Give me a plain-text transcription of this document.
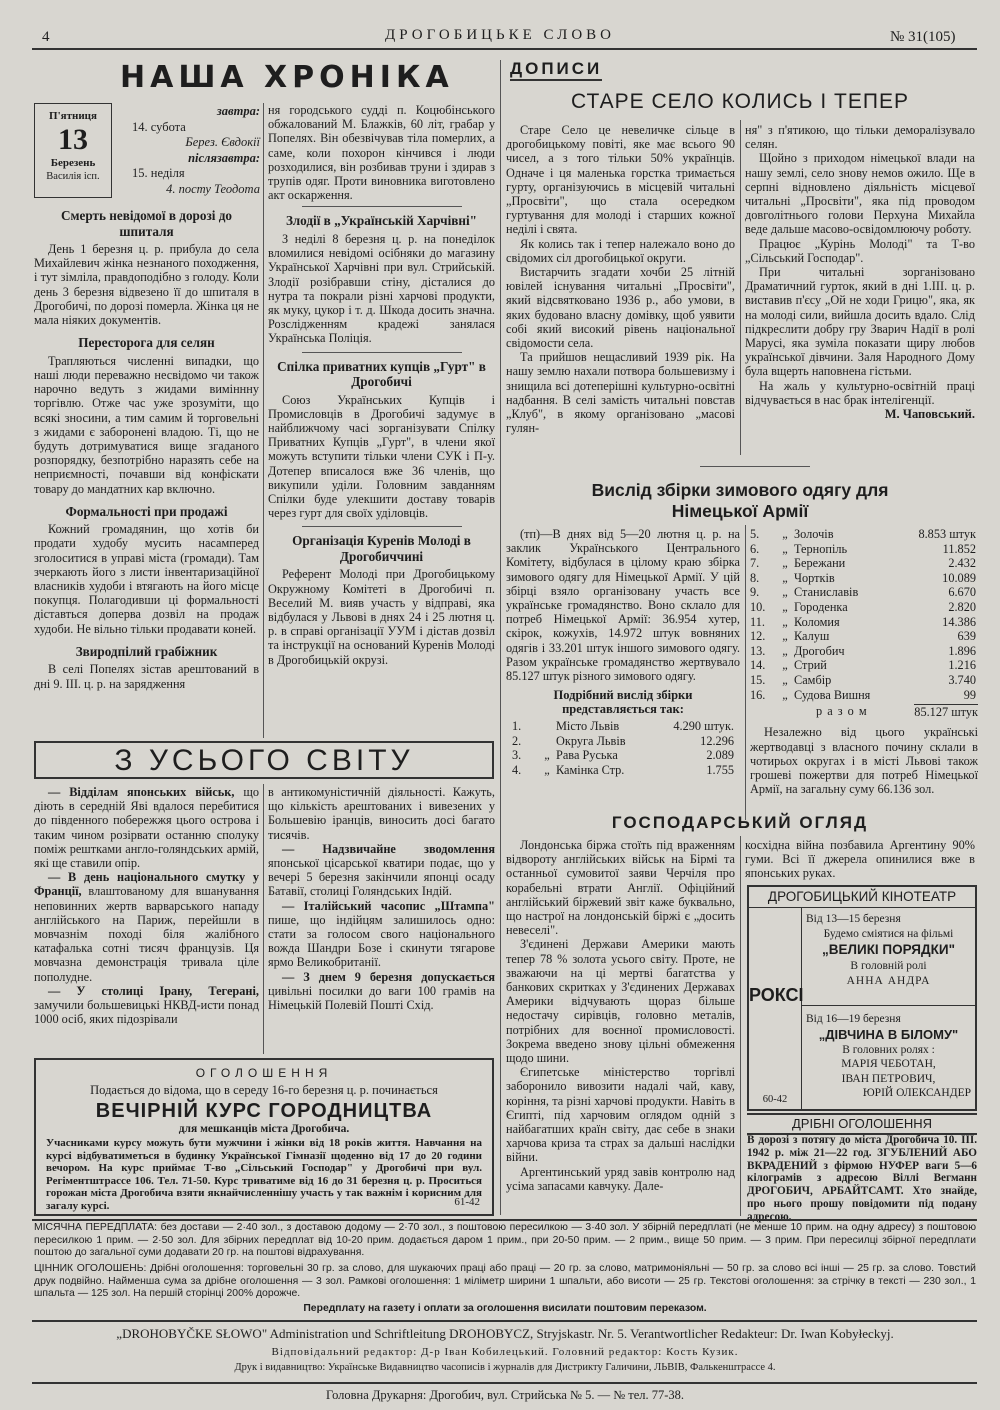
4	ДРОГОБИЦЬКЕ СЛОВО	№ 31(105)
НАША ХРОНІКА
П'ятниця
13
Березень
Василія ісп.
завтра:
14. субота
Берез. Євдокії
післязавтра:
15. неділя
4. посту Теодота
Смерть невідомої в дорозі до шпиталя

День 1 березня ц. р. прибула до села Михайлевич жінка незнаного походження, і тут зімліла, правдоподібно з голоду. Коли день 3 березня відвезено її до шпиталя в Дрогобичі, по дорозі померла. Жінка ця не мала ніяких документів.

Пересторога для селян

Трапляються численні випадки, що наші люди переважно несвідомо чи також нарочно ведуть з жидами виміннну торгівлю. Отже час уже зрозуміти, що всякі зносини, а тим самим й торговельні з жидами є заборонені владою. Ті, що не будуть дотримуватися вище згаданого розпорядку, безпотрібно наразять себе на неприємності, почавши від конфіскати товару до мандатних кар включно.

Формальності при продажі

Кожний громадянин, що хотів би продати худобу мусить насамперед зголоситися в управі міста (громади). Там зчеркають його з листи інвентаризаційної власників худоби і втягають на його місце покупця. Полагодивши ці формальності діставться доперва дозвіл на продаж худоби. Не вільно тільки продавати коней.

Звиродпілий грабіжник

В селі Попелях зістав арештований в дні 9. III. ц. р. на зарядження

ня городського судді п. Коцюбінського обжалований М. Блажків, 60 літ, грабар у Попелях. Він обезвічував тіла померлих, а саме, коли похорон кінчився і люди розходилися, він розбивав труни і здирав з трупів одяг. Проти виновника виготовлено акт оскарження.

Злодії в „Українській Харчівні"

З неділі 8 березня ц. р. на понеділок вломилися невідомі осібняки до магазину Української Харчівні при вул. Стрийській. Злодії розібравши стіну, дісталися до нутра та покрали різні харчові продукти, як муку, цукор і т. д. Шкода досить значна. Розслідженням крадежі занялася Українська Поліція.

Спілка приватних купців „Гурт" в Дрогобичі

Союз Українських Купців і Промисловців в Дрогобичі задумує в найближчому часі зорганізувати Спілку Приватних Купців „Гурт", в члени якої можуть вступити тільки члени СУК і П-у. Дотепер вписалося вже 36 членів, що викупили уділи. Головним завданням Спілки буде улекшити доставу товарів через гурт для своїх уділовців.

Організація Куренів Молоді в Дрогобиччині

Референт Молоді при Дрогобицькому Окружному Комітеті в Дрогобичі п. Веселий М. вияв участь у відправі, яка відбулася у Львові в днях 24 і 25 лютня ц. р. в справі організації УУМ і дістав дозвіл та інструкції на оснований Куренів Молоді в Дрогобицькій окрузі.

З УСЬОГО СВІТУ

— Відділам японських військ, що діють в середній Яві вдалося перебитися до південного побережжя цього острова і таким чином розірвати останню сполуку поміж рештками англо-голяндських армій, які ще ставили опір.

— В день національного смутку у Франції, влаштованому для вшанування неповинних жертв варварського нападу англійського на Париж, перейшли в мовчазнім поході біля жалібного катафалька сотні тисяч французів. Ця мовчазна демонстрація тривала ціле пополудне.

— У столиці Ірану, Тегерані, замучили большевицькі НКВД-исти понад 1000 осіб, яких підозрівали

в антикомуністичній діяльності. Кажуть, що кількість арештованих і вивезених у Большевію іранців, виносить досі багато тисячів.

— Надзвичайне зводомлення японської цісарської кватири подає, що у вечері 5 березня закінчили японці осаду Батавії, столиці Голяндських Індій.

— Італійський часопис „Штампа" пише, що індійцям залишилось одно: стати за голосом свого національного вожда Шандри Бозе і скинути тягарове ярмо Великобританії.

— З днем 9 березня допускається цивільні посилки до ваги 100 грамів на Німецькій Полевій Пошті Схід.

ОГОЛОШЕННЯ
Подається до відома, що в середу 16-го березня ц. р. починається
ВЕЧІРНІЙ КУРС ГОРОДНИЦТВА
для мешканців міста Дрогобича.
Учасниками курсу можуть бути мужчини і жінки від 18 років життя. Навчання на курсі відбуватиметься в будинку Української Гімназії щоденно від 17 до 20 години вечором. На курс приймає Т-во „Сільський Господар" у Дрогобичі при вул. Регіментштрассе 106. Тел. 71-50. Курс триватиме від 16 до 31 березня ц. р. Проситься горожан міста Дрогобича взяти якнайчисленнішу участь у так важнім і корисним для загалу курсі.	61-42
ДОПИСИ
СТАРЕ СЕЛО КОЛИСЬ І ТЕПЕР

Старе Село це невеличке сільце в дрогобицькому повіті, яке має всього 90 чисел, а з того тільки 50% українців. Одначе і ця маленька горстка тримається гурту, організуючись в місцевій читальні „Просвіти", що стала осередком гуртування для молоді і старших кожної неділі і свята.

Як колись так і тепер належало воно до свідомих сіл дрогобицької округи.

Вистарчить згадати хочби 25 літній ювілей існування читальні „Просвіти", який відсвятковано 1936 р., або умови, в яких будовано власну домівку, щоб уявити собі який високий рівень національної свідомости села.

Та прийшов нещасливий 1939 рік. На нашу землю нахали потвора большевизму і знищила всі дотеперішні культурно-освітні надбання. В селі замість читальні повстав „Клуб", в якому організовано „масові гулян-

ня" з п'ятикою, що тільки деморалізувало селян.

Щойно з приходом німецької влади на нашу землі, село знову немов ожило. Ще в серпні відновлено діяльність місцевої читальні „Просвіти", яка під проводом довголітнього голови Перхуна Михайла веде дальше масово-освідомлюючу роботу.

Працює „Курінь Молоді" та Т-во „Сільський Господар".

При читальні зорганізовано Драматичний гурток, який в дні 1.III. ц. р. виставив п'єсу „Ой не ходи Грицю", яка, як на молоді сили, вийшла досить вдало. Слід підкреслити добру гру Зварич Надії в ролі Марусі, яка зуміла показати щиру любов української дівчини. Заля Народного Дому була вщерть наповнена гістьми.

На жаль у культурно-освітній праці відчувається в нас брак інтелігенції.

М. Чаповський.
Вислід збірки зимового одягу для
Німецької Армії

(тп)—В днях від 5—20 лютня ц. р. на заклик Українського Центрального Комітету, відбулася в цілому краю збірка зимового одягу для Німецької Армії. У цій збірці взяло організовану участь все українське громадянство. Воно склало для потреб Німецької Армії: 36.954 хутер, скірок, кожухів, 14.972 штук вовняних одягів і 33.201 штук іншого зимового одягу. Разом українське громадянство жертвувало 85.127 штук різного зимового одягу.

Подрібний вислід збірки
представляється так:
1.		Місто Львів	4.290 штук.
2.		Округа Львів	12.296
3.	„	Рава Руська	2.089
4.	„	Камінка Стр.	1.755
5.	„	Золочів	8.853 штук
6.	„	Тернопіль	11.852
7.	„	Бережани	2.432
8.	„	Чортків	10.089
9.	„	Станиславів	6.670
10.	„	Городенка	2.820
11.	„	Коломия	14.386
12.	„	Калуш	639
13.	„	Дрогобич	1.896
14.	„	Стрий	1.216
15.	„	Самбір	3.740
16.	„	Судова Вишня	99
р а з о м	85.127 штук

Незалежно від цього українські жертводавці з власного почину склали в чотирьох округах і в місті Львові також грошеві пожертви для потреб Німецької Армії, на загальну суму 66.136 зол.

ГОСПОДАРСЬКИЙ ОГЛЯД

Лондонська біржа стоїть під враженням відвороту англійських військ на Бірмі та останньої сумовитої заяви Черчіля про корабельні втрати Англії. Офіційний англійський біржевий звіт каже буквально, що настрої на лондонській біржі є „досить невеселі".

З'єдинені Держави Америки мають тепер 78 % золота усього світу. Проте, не зважаючи на ці мертві багатства у банкових скритках у З'єдинених Державах Америки відчувають щораз більше недостачу сирівців, головно металів, потрібних для воєнної промисловості. Зокрема введено знову цільні обмеження щодо шини.

Єгипетське міністерство торгівлі заборонило вивозити надалі чай, каву, коріння, та різні харчові продукти. Навіть в Єгипті, під харчовим оглядом одній з найбагатших країн світу, дає себе в знаки харчова криза та страх за дальші наслідки війни.

Аргентинський уряд завів контролю над усіма запасами кавчуку. Дале-

косхідна війна позбавила Аргентину 90% гуми. Всі її джерела опинилися вже в японських руках.

ДРОГОБИЦЬКИЙ КІНОТЕАТР
РОКСІ
60-42
Від 13—15 березня
Будемо сміятися на фільмі
„ВЕЛИКІ ПОРЯДКИ"
В головній ролі
АННА АНДРА
Від 16—19 березня
„ДІВЧИНА В БІЛОМУ"
В головних ролях :
МАРІЯ ЧЕБОТАН,
ІВАН ПЕТРОВИЧ,
ЮРІЙ ОЛЕКСАНДЕР
ДРІБНІ ОГОЛОШЕННЯ
В дорозі з потягу до міста Дрогобича 10. III. 1942 р. між 21—22 год. ЗГУБЛЕНИЙ АБО ВКРАДЕНИЙ з фірмою НУФЕР ваги 5—6 кілограмів з адресою Віллі Вегманн ДРОГОБИЧ, АРБАЙТСАМТ. Хто знайде, про нього прошу повідомити під подану адресою.
МІСЯЧНА ПЕРЕДПЛАТА: без достави — 2·40 зол., з доставою додому — 2·70 зол., з поштовою пересилкою — 3·40 зол. У збірній передплаті (не менше 10 прим. на одну адресу) з поштовою пересилкою 1 прим. — 2·50 зол. Для збірних передплат від 10-20 прим. додається даром 1 прим., при 20-50 прим. — 2 прим., вище 50 прим. — 3 прим. При пересилці збірної передплати поштою до загальної суми додавати 20 гр. на поштові відрахування.
ЦІННИК ОГОЛОШЕНЬ: Дрібні оголошення: торговельні 30 гр. за слово, для шукаючих праці або праці — 20 гр. за слово, матримоніяльні — 50 гр. за слово всі інші — 25 гр. за слово. Товстий друк подвійно. Найменша сума за дрібне оголошення — 3 зол. Рамкові оголошення: 1 міліметр ширини 1 шпальти, або висоти — 25 гр. Текстові оголошення: за стрічку в тексті — 230 зол., 1 шпальта — 125 зол. На першій сторінці 200% дорожче.
Передплату на газету і оплати за оголошення висилати поштовим переказом.
„DROHOBYČKE SŁOWO" Administration und Schriftleitung DROHOBYCZ, Stryjskastr. Nr. 5. Verantwortlicher Redakteur: Dr. Iwan Kobyłeckyj.
Відповідальний редактор: Д-р Іван Кобилецький. Головний редактор: Кость Кузик.
Друк і видавництво: Українське Видавництво часописів і журналів для Дистрикту Галичини, ЛЬВІВ, Фалькенштрассе 4.
Головна Друкарня: Дрогобич, вул. Стрийська № 5. — № тел. 77-38.
